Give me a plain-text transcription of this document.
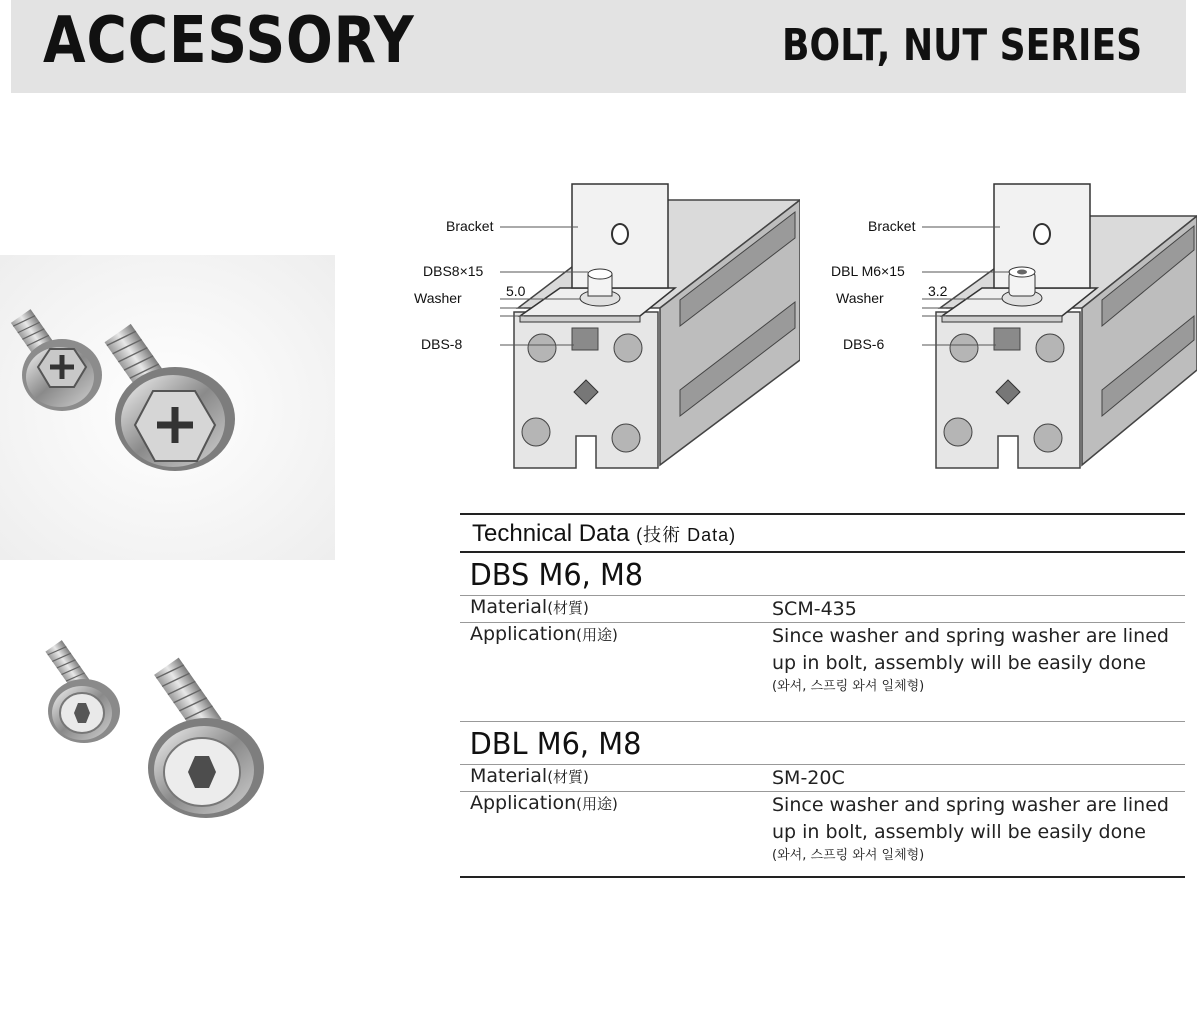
ACCESSORY	BOLT, NUT SERIES
Bracket
DBS8×15
Washer	5.0
DBS-8
Bracket
DBL M6×15
Washer	3.2
DBS-6
Technical Data (技術 Data)
DBS M6, M8
Material(材質)	SCM-435
Application(用途)	Since washer and spring washer are lined
up in bolt, assembly will be easily done
(와셔, 스프링 와셔 일체형)
DBL M6, M8
Material(材質)	SM-20C
Application(用途)	Since washer and spring washer are lined
up in bolt, assembly will be easily done
(와셔, 스프링 와셔 일체형)
